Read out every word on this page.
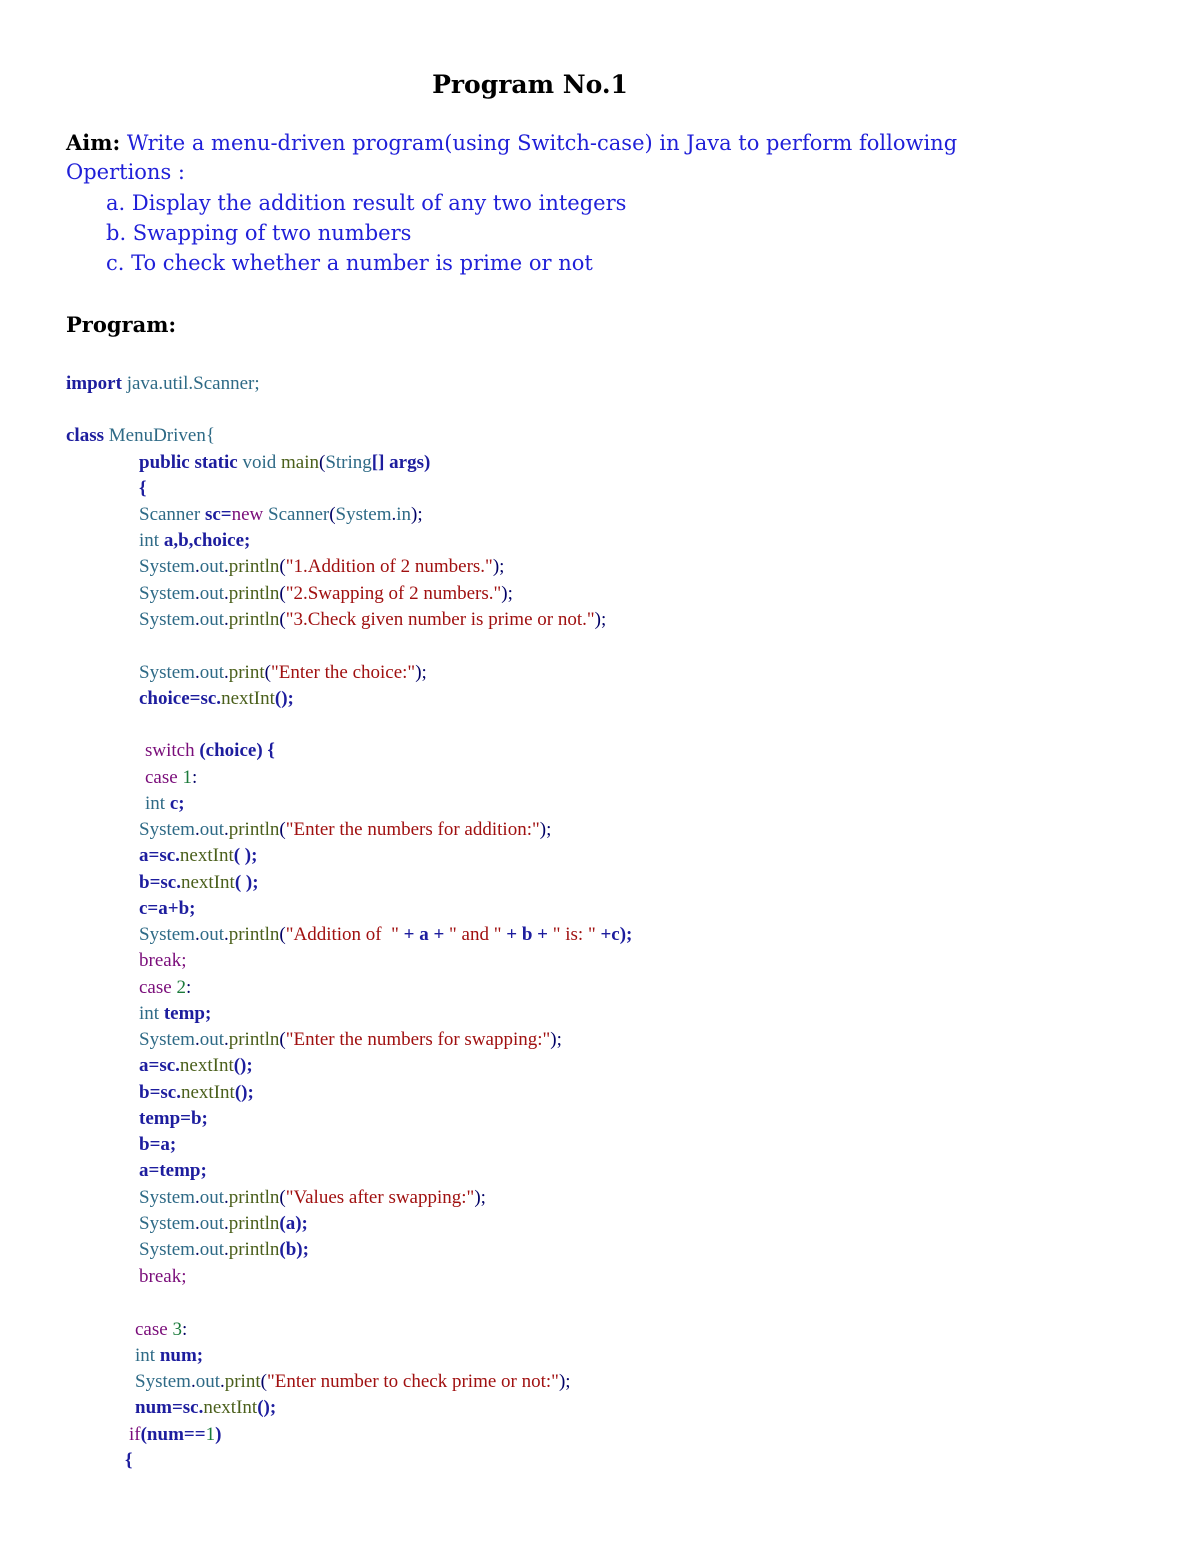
Program No.1
Aim: Write a menu-driven program(using Switch-case) in Java to perform following
Opertions :
a. Display the addition result of any two integers
b. Swapping of two numbers
c. To check whether a number is prime or not
Program:
import java.util.Scanner;
class MenuDriven{
public static void main(String[] args)
{
Scanner sc=new Scanner(System.in);
int a,b,choice;
System.out.println("1.Addition of 2 numbers.");
System.out.println("2.Swapping of 2 numbers.");
System.out.println("3.Check given number is prime or not.");
System.out.print("Enter the choice:");
choice=sc.nextInt();
switch (choice) {
case 1:
int c;
System.out.println("Enter the numbers for addition:");
a=sc.nextInt( );
b=sc.nextInt( );
c=a+b;
System.out.println("Addition of  " + a + " and " + b + " is: " +c);
break;
case 2:
int temp;
System.out.println("Enter the numbers for swapping:");
a=sc.nextInt();
b=sc.nextInt();
temp=b;
b=a;
a=temp;
System.out.println("Values after swapping:");
System.out.println(a);
System.out.println(b);
break;
case 3:
int num;
System.out.print("Enter number to check prime or not:");
num=sc.nextInt();
if(num==1)
{
